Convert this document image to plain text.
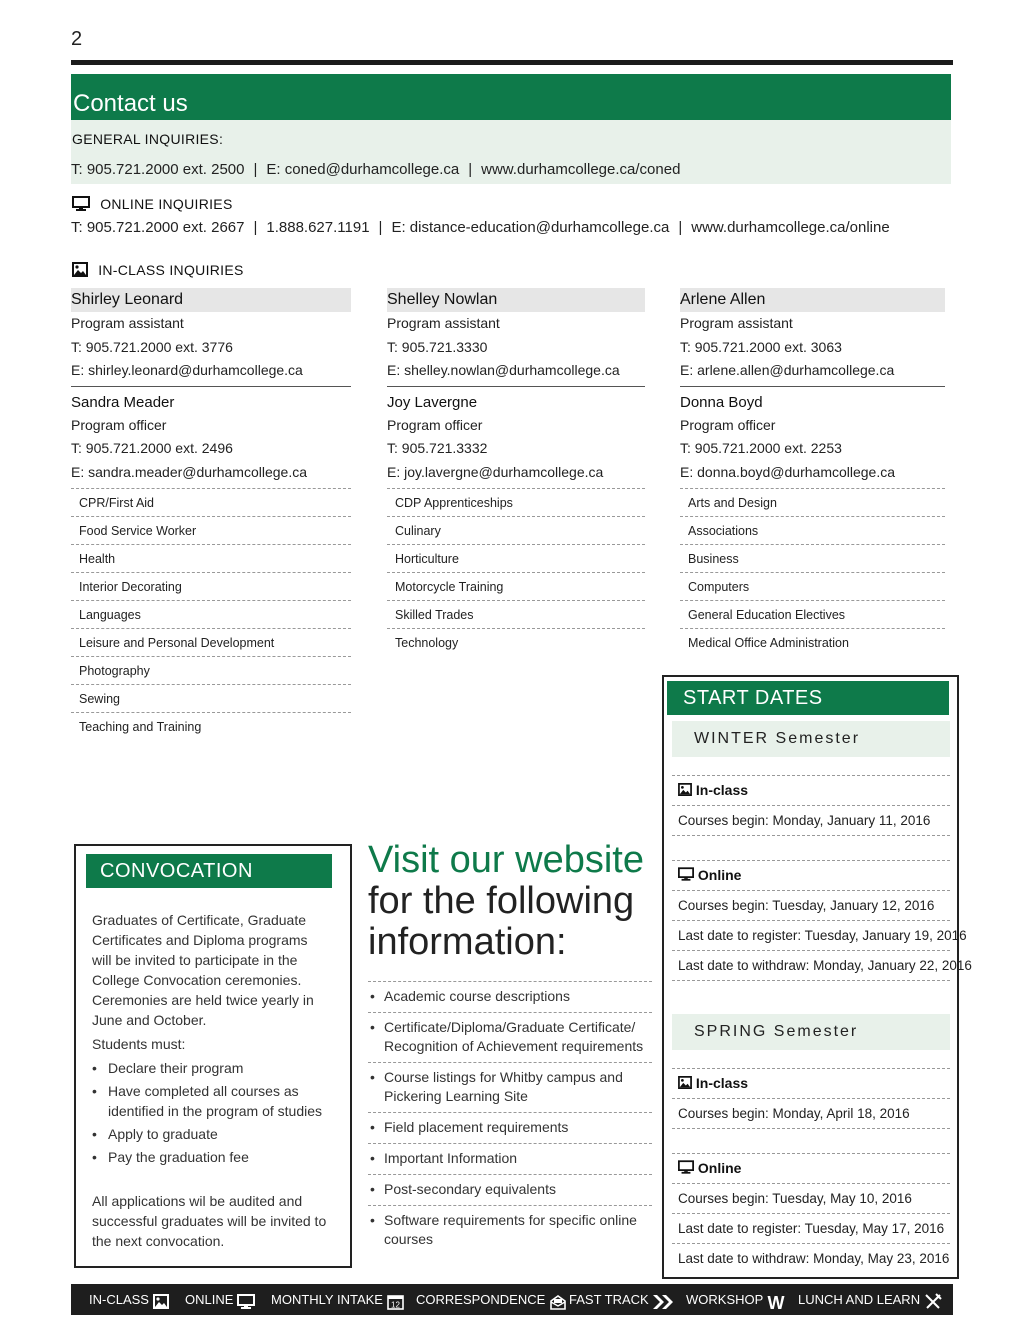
2
Contact us
GENERAL INQUIRIES:
T: 905.721.2000 ext. 2500 | E: coned@durhamcollege.ca | www.durhamcollege.ca/coned
ONLINE INQUIRIES
T: 905.721.2000 ext. 2667 | 1.888.627.1191 | E: distance-education@durhamcollege.ca | www.durhamcollege.ca/online
IN-CLASS INQUIRIES
Shirley Leonard
Program assistant
T: 905.721.2000 ext. 3776
E: shirley.leonard@durhamcollege.ca
Sandra Meader
Program officer
T: 905.721.2000 ext. 2496
E: sandra.meader@durhamcollege.ca
CPR/First Aid
Food Service Worker
Health
Interior Decorating
Languages
Leisure and Personal Development
Photography
Sewing
Teaching and Training
Shelley Nowlan
Program assistant
T: 905.721.3330
E: shelley.nowlan@durhamcollege.ca
Joy Lavergne
Program officer
T: 905.721.3332
E: joy.lavergne@durhamcollege.ca
CDP Apprenticeships
Culinary
Horticulture
Motorcycle Training
Skilled Trades
Technology
Arlene Allen
Program assistant
T: 905.721.2000 ext. 3063
E: arlene.allen@durhamcollege.ca
Donna Boyd
Program officer
T: 905.721.2000 ext. 2253
E: donna.boyd@durhamcollege.ca
Arts and Design
Associations
Business
Computers
General Education Electives
Medical Office Administration
CONVOCATION
Graduates of Certificate, Graduate Certificates and Diploma programs will be invited to participate in the College Convocation ceremonies. Ceremonies are held twice yearly in June and October.
Students must:
• Declare their program
• Have completed all courses as identified in the program of studies
• Apply to graduate
• Pay the graduation fee
All applications wil be audited and successful graduates will be invited to the next convocation.
Visit our website
for the following
information:
• Academic course descriptions
• Certificate/Diploma/Graduate Certificate/ Recognition of Achievement requirements
• Course listings for Whitby campus and Pickering Learning Site
• Field placement requirements
• Important Information
• Post-secondary equivalents
• Software requirements for specific online courses
START DATES
WINTER Semester
In-class
Courses begin: Monday, January 11, 2016
Online
Courses begin: Tuesday, January 12, 2016
Last date to register: Tuesday, January 19, 2016
Last date to withdraw: Monday, January 22, 2016
SPRING Semester
In-class
Courses begin: Monday, April 18, 2016
Online
Courses begin: Tuesday, May 10, 2016
Last date to register: Tuesday, May 17, 2016
Last date to withdraw: Monday, May 23, 2016
IN-CLASS	ONLINE	MONTHLY INTAKE 12 CORRESPONDENCE	FAST TRACK	WORKSHOP W LUNCH AND LEARN
